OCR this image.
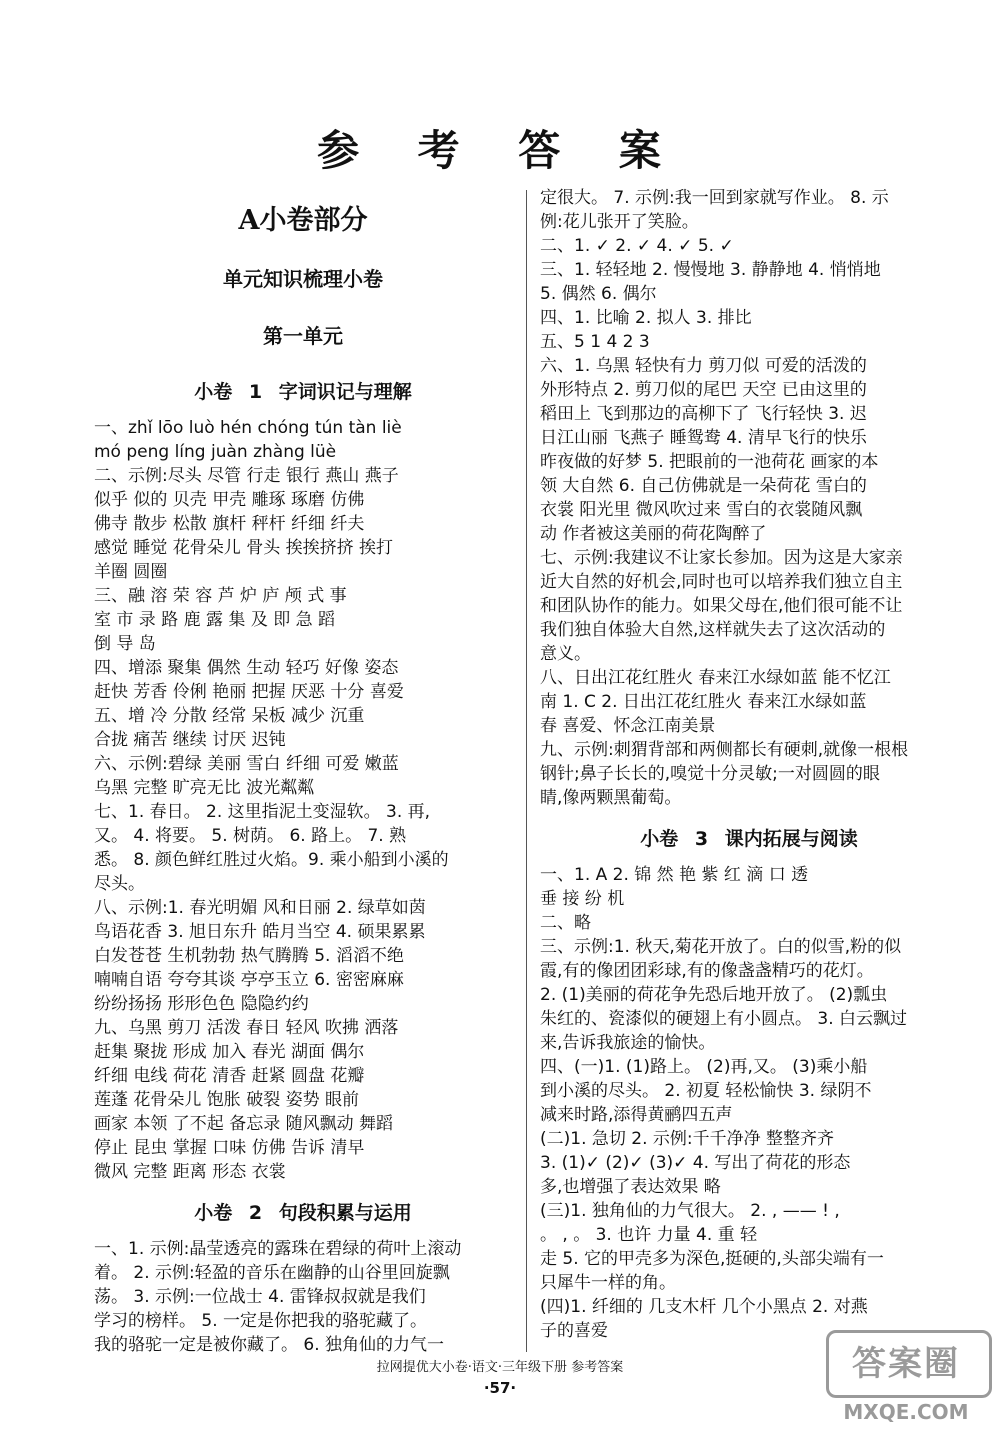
参 考 答 案
A小卷部分
单元知识梳理小卷
第一单元
小卷 1 字词识记与理解
一、zhǐ lōo luò hén chóng tún tàn liè
mó peng líng juàn zhàng lüè
二、示例:尽头 尽管 行走 银行 燕山 燕子
似乎 似的 贝壳 甲壳 雕琢 琢磨 仿佛
佛寺 散步 松散 旗杆 秤杆 纤细 纤夫
感觉 睡觉 花骨朵儿 骨头 挨挨挤挤 挨打
羊圈 圆圈
三、融 溶 荣 容 芦 炉 庐 颅 式 事
室 市 录 路 鹿 露 集 及 即 急 蹈
倒 导 岛
四、增添 聚集 偶然 生动 轻巧 好像 姿态
赶快 芳香 伶俐 艳丽 把握 厌恶 十分 喜爱
五、增 冷 分散 经常 呆板 减少 沉重
合拢 痛苦 继续 讨厌 迟钝
六、示例:碧绿 美丽 雪白 纤细 可爱 嫩蓝
乌黑 完整 旷亮无比 波光粼粼
七、1. 春日。 2. 这里指泥土变湿软。 3. 再,
又。 4. 将要。 5. 树荫。 6. 路上。 7. 熟
悉。 8. 颜色鲜红胜过火焰。9. 乘小船到小溪的
尽头。
八、示例:1. 春光明媚 风和日丽 2. 绿草如茵
鸟语花香 3. 旭日东升 皓月当空 4. 硕果累累
白发苍苍 生机勃勃 热气腾腾 5. 滔滔不绝
喃喃自语 夸夸其谈 亭亭玉立 6. 密密麻麻
纷纷扬扬 形形色色 隐隐约约
九、乌黑 剪刀 活泼 春日 轻风 吹拂 洒落
赶集 聚拢 形成 加入 春光 湖面 偶尔
纤细 电线 荷花 清香 赶紧 圆盘 花瓣
莲蓬 花骨朵儿 饱胀 破裂 姿势 眼前
画家 本领 了不起 备忘录 随风飘动 舞蹈
停止 昆虫 掌握 口味 仿佛 告诉 清早
微风 完整 距离 形态 衣裳
小卷 2 句段积累与运用
一、1. 示例:晶莹透亮的露珠在碧绿的荷叶上滚动
着。 2. 示例:轻盈的音乐在幽静的山谷里回旋飘
荡。 3. 示例:一位战士 4. 雷锋叔叔就是我们
学习的榜样。 5. 一定是你把我的骆驼藏了。
我的骆驼一定是被你藏了。 6. 独角仙的力气一
定很大。 7. 示例:我一回到家就写作业。 8. 示
例:花儿张开了笑脸。
二、1. ✓ 2. ✓ 4. ✓ 5. ✓
三、1. 轻轻地 2. 慢慢地 3. 静静地 4. 悄悄地
5. 偶然 6. 偶尔
四、1. 比喻 2. 拟人 3. 排比
五、5 1 4 2 3
六、1. 乌黑 轻快有力 剪刀似 可爱的活泼的
外形特点 2. 剪刀似的尾巴 天空 已由这里的
稻田上 飞到那边的高柳下了 飞行轻快 3. 迟
日江山丽 飞燕子 睡鸳鸯 4. 清早飞行的快乐
昨夜做的好梦 5. 把眼前的一池荷花 画家的本
领 大自然 6. 自己仿佛就是一朵荷花 雪白的
衣裳 阳光里 微风吹过来 雪白的衣裳随风飘
动 作者被这美丽的荷花陶醉了
七、示例:我建议不让家长参加。因为这是大家亲
近大自然的好机会,同时也可以培养我们独立自主
和团队协作的能力。如果父母在,他们很可能不让
我们独自体验大自然,这样就失去了这次活动的
意义。
八、日出江花红胜火 春来江水绿如蓝 能不忆江
南 1. C 2. 日出江花红胜火 春来江水绿如蓝
春 喜爱、怀念江南美景
九、示例:刺猬背部和两侧都长有硬刺,就像一根根
钢针;鼻子长长的,嗅觉十分灵敏;一对圆圆的眼
睛,像两颗黑葡萄。
小卷 3 课内拓展与阅读
一、1. A 2. 锦 然 艳 紫 红 滴 口 透
垂 接 纷 机
二、略
三、示例:1. 秋天,菊花开放了。白的似雪,粉的似
霞,有的像团团彩球,有的像盏盏精巧的花灯。
2. (1)美丽的荷花争先恐后地开放了。 (2)瓢虫
朱红的、瓷漆似的硬翅上有小圆点。 3. 白云飘过
来,告诉我旅途的愉快。
四、(一)1. (1)路上。 (2)再,又。 (3)乘小船
到小溪的尽头。 2. 初夏 轻松愉快 3. 绿阴不
减来时路,添得黄鹂四五声
(二)1. 急切 2. 示例:千千净净 整整齐齐
3. (1)✓ (2)✓ (3)✓ 4. 写出了荷花的形态
多,也增强了表达效果 略
(三)1. 独角仙的力气很大。 2. , —— ! ,
。 , 。 3. 也许 力量 4. 重 轻
走 5. 它的甲壳多为深色,挺硬的,头部尖端有一
只犀牛一样的角。
(四)1. 纤细的 几支木杆 几个小黑点 2. 对燕
子的喜爱
拉网提优大小卷·语文·三年级下册 参考答案
·57·
答案圈
MXQE.COM
